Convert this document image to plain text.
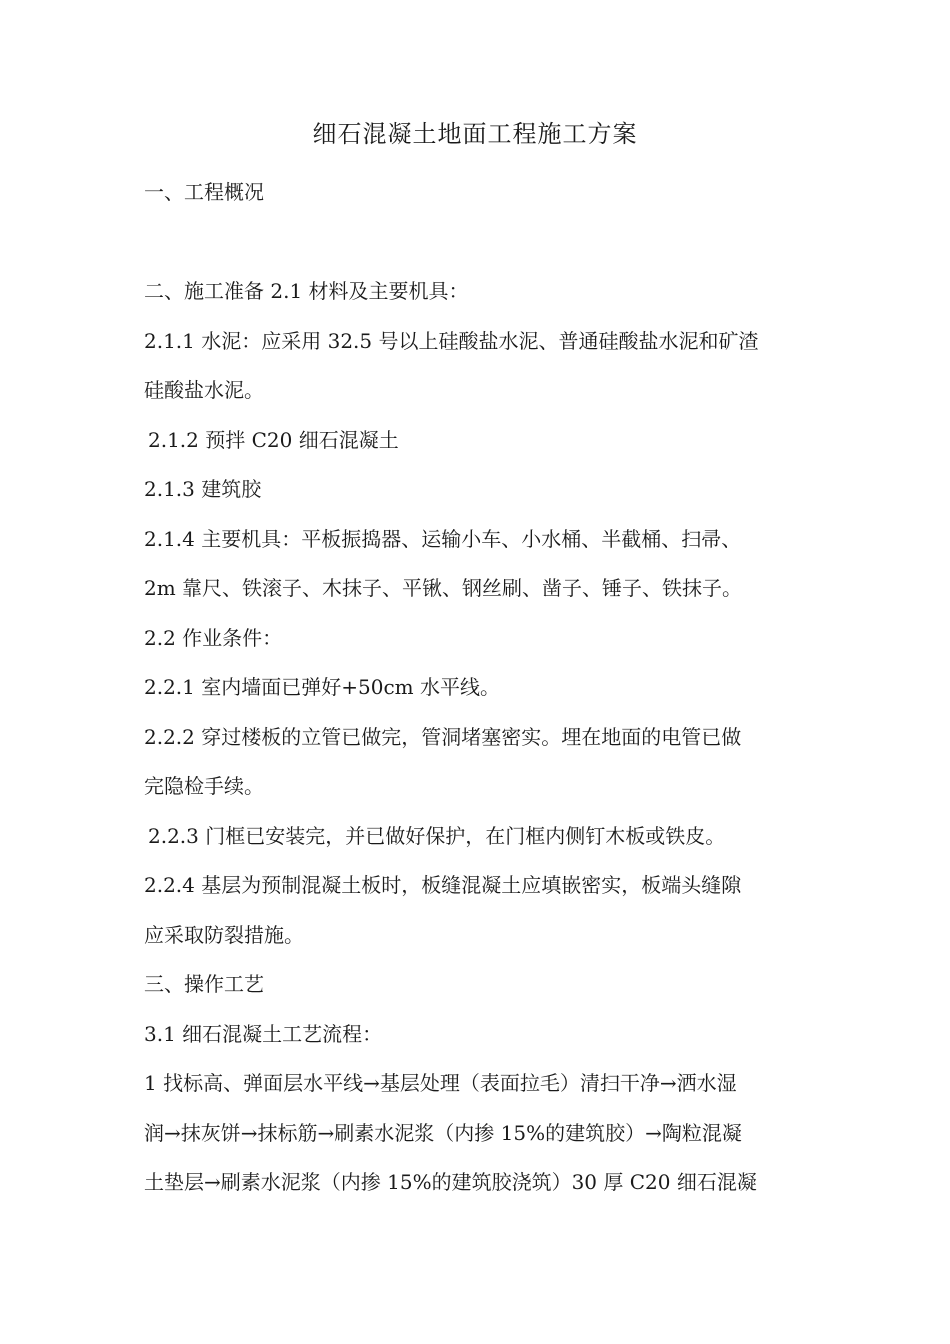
细石混凝土地面工程施工方案

一、工程概况

二、施工准备 2.1 材料及主要机具：

2.1.1 水泥：应采用 32.5 号以上硅酸盐水泥、普通硅酸盐水泥和矿渣

硅酸盐水泥。

2.1.2 预拌 C20 细石混凝土

2.1.3 建筑胶

2.1.4 主要机具：平板振捣器、运输小车、小水桶、半截桶、扫帚、

2m 靠尺、铁滚子、木抹子、平锹、钢丝刷、凿子、锤子、铁抹子。

2.2 作业条件：

2.2.1 室内墙面已弹好+50cm 水平线。

2.2.2 穿过楼板的立管已做完，管洞堵塞密实。埋在地面的电管已做

完隐检手续。

2.2.3 门框已安装完，并已做好保护，在门框内侧钉木板或铁皮。

2.2.4 基层为预制混凝土板时，板缝混凝土应填嵌密实，板端头缝隙

应采取防裂措施。

三、操作工艺

3.1 细石混凝土工艺流程：

1 找标高、弹面层水平线→基层处理（表面拉毛）清扫干净→洒水湿

润→抹灰饼→抹标筋→刷素水泥浆（内掺 15%的建筑胶）→陶粒混凝

土垫层→刷素水泥浆（内掺 15%的建筑胶浇筑）30 厚 C20 细石混凝
